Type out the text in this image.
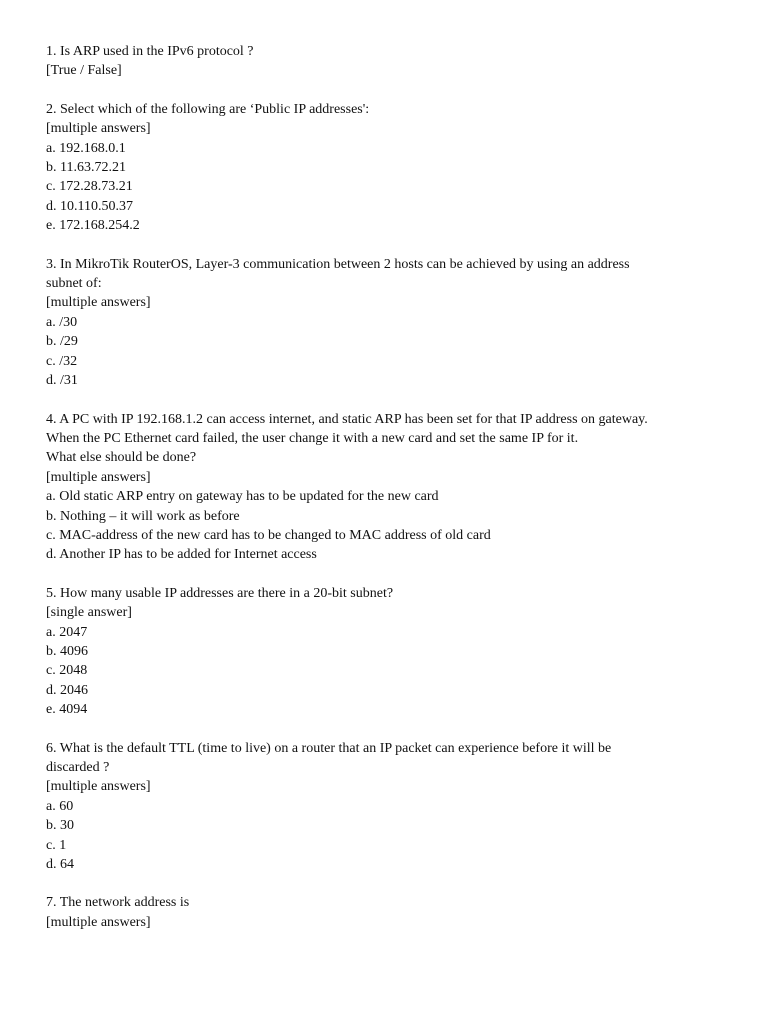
1. Is ARP used in the IPv6 protocol ?

[True / False]

2. Select which of the following are ‘Public IP addresses':

[multiple answers]

a. 192.168.0.1

b. 11.63.72.21

c. 172.28.73.21

d. 10.110.50.37

e. 172.168.254.2

3. In MikroTik RouterOS, Layer-3 communication between 2 hosts can be achieved by using an address

subnet of:

[multiple answers]

a. /30

b. /29

c. /32

d. /31

4. A PC with IP 192.168.1.2 can access internet, and static ARP has been set for that IP address on gateway.

When the PC Ethernet card failed, the user change it with a new card and set the same IP for it.

What else should be done?

[multiple answers]

a. Old static ARP entry on gateway has to be updated for the new card

b. Nothing – it will work as before

c. MAC-address of the new card has to be changed to MAC address of old card

d. Another IP has to be added for Internet access

5. How many usable IP addresses are there in a 20-bit subnet?

[single answer]

a. 2047

b. 4096

c. 2048

d. 2046

e. 4094

6. What is the default TTL (time to live) on a router that an IP packet can experience before it will be

discarded ?

[multiple answers]

a. 60

b. 30

c. 1

d. 64

7. The network address is

[multiple answers]
